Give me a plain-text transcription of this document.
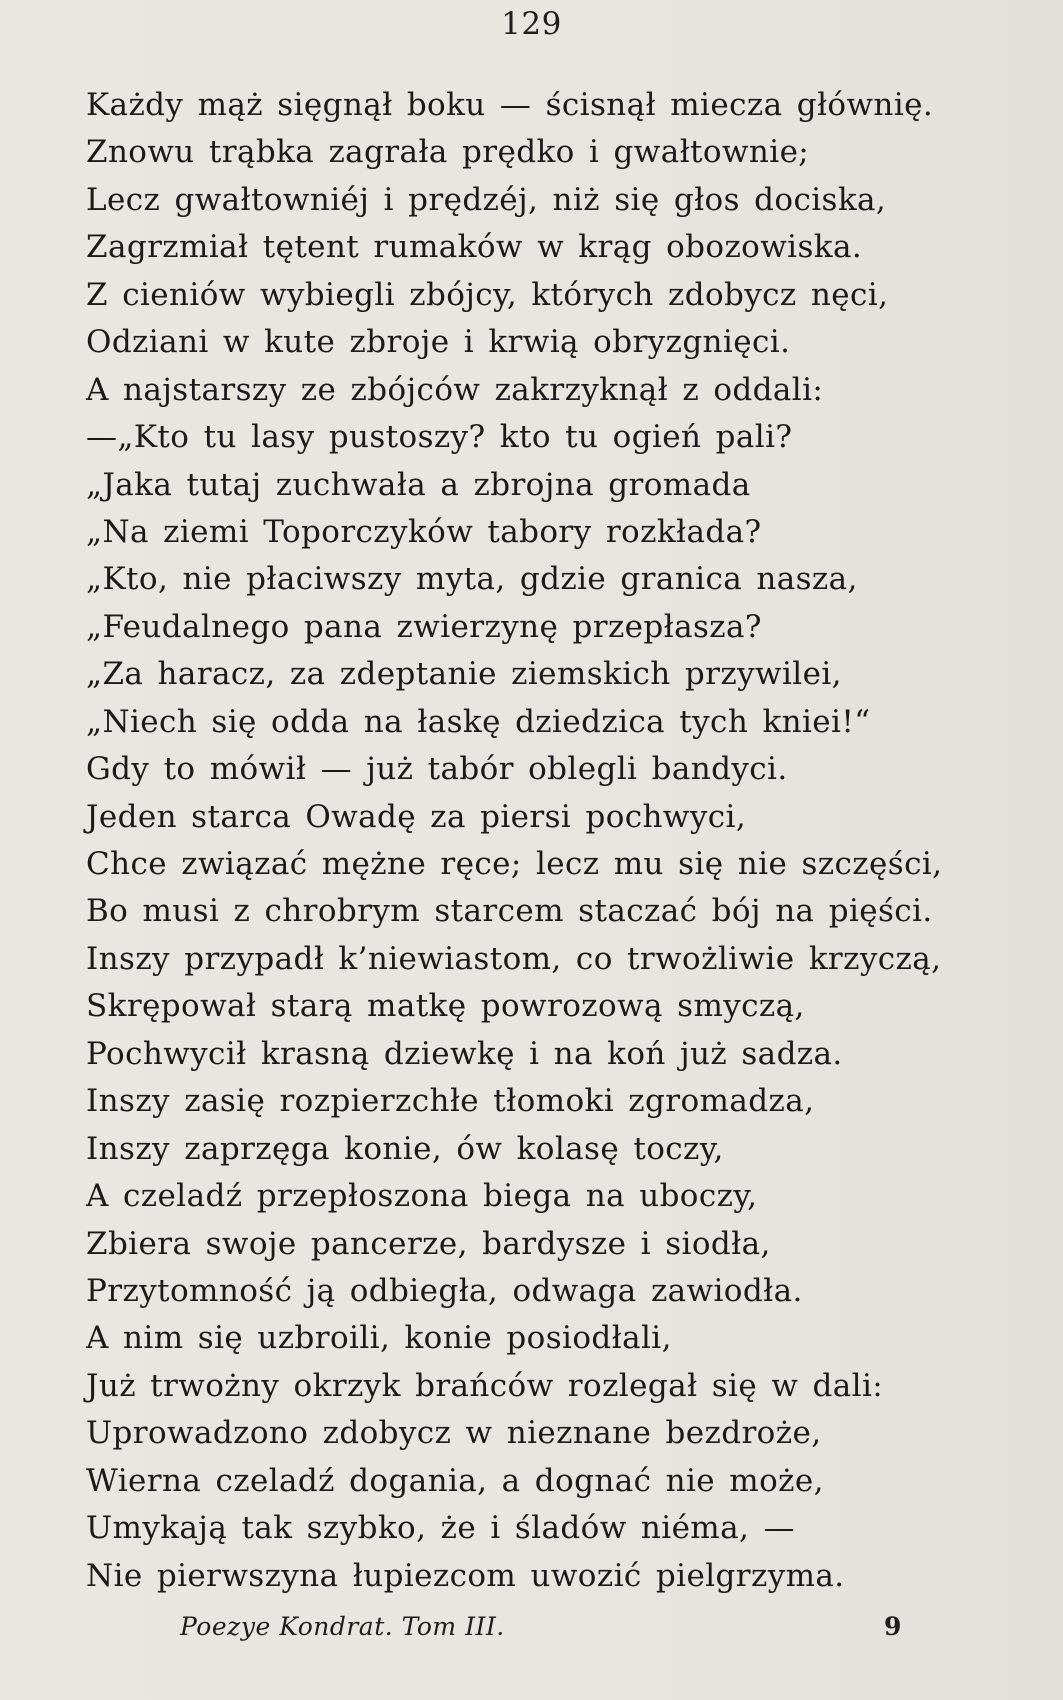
129
Każdy mąż sięgnął boku — ścisnął miecza głównię.
Znowu trąbka zagrała prędko i gwałtownie;
Lecz gwałtowniéj i prędzéj, niż się głos dociska,
Zagrzmiał tętent rumaków w krąg obozowiska.
Z cieniów wybiegli zbójcy, których zdobycz nęci,
Odziani w kute zbroje i krwią obryzgnięci.
A najstarszy ze zbójców zakrzyknął z oddali:
—„Kto tu lasy pustoszy? kto tu ogień pali?
„Jaka tutaj zuchwała a zbrojna gromada
„Na ziemi Toporczyków tabory rozkłada?
„Kto, nie płaciwszy myta, gdzie granica nasza,
„Feudalnego pana zwierzynę przepłasza?
„Za haracz, za zdeptanie ziemskich przywilei,
„Niech się odda na łaskę dziedzica tych kniei!“
Gdy to mówił — już tabór oblegli bandyci.
Jeden starca Owadę za piersi pochwyci,
Chce związać mężne ręce; lecz mu się nie szczęści,
Bo musi z chrobrym starcem staczać bój na pięści.
Inszy przypadł k’niewiastom, co trwożliwie krzyczą,
Skrępował starą matkę powrozową smyczą,
Pochwycił krasną dziewkę i na koń już sadza.
Inszy zasię rozpierzchłe tłomoki zgromadza,
Inszy zaprzęga konie, ów kolasę toczy,
A czeladź przepłoszona biega na uboczy,
Zbiera swoje pancerze, bardysze i siodła,
Przytomność ją odbiegła, odwaga zawiodła.
A nim się uzbroili, konie posiodłali,
Już trwożny okrzyk brańców rozlegał się w dali:
Uprowadzono zdobycz w nieznane bezdroże,
Wierna czeladź dogania, a dognać nie może,
Umykają tak szybko, że i śladów niéma, —
Nie pierwszyna łupiezcom uwozić pielgrzyma.
Poezye Kondrat. Tom III.	9
